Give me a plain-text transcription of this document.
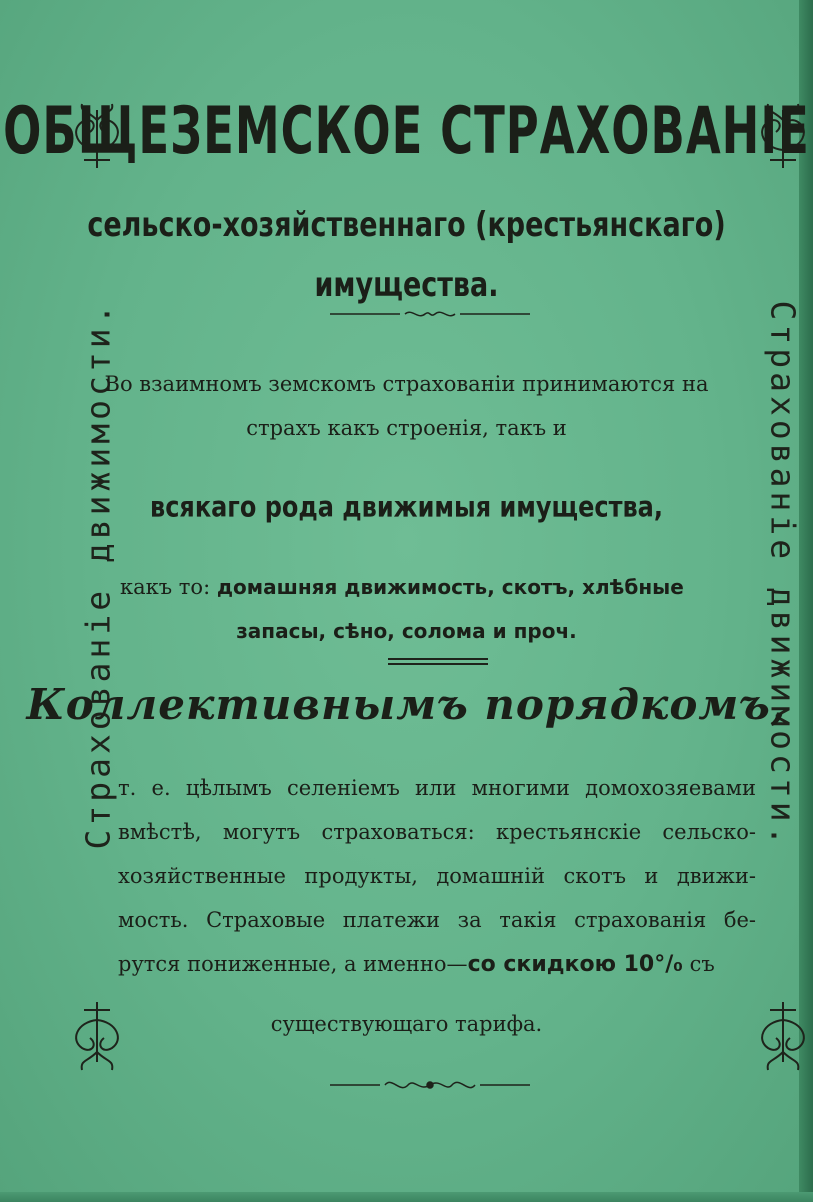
Страхованіе движимости.	Страхованіе движимости.
ОБЩЕЗЕМСКОЕ СТРАХОВАНІЕ
сельско-хозяйственнаго (крестьянскаго)
имущества.
Во взаимномъ земскомъ страхованіи принимаются на
страхъ какъ строенія, такъ и
всякаго рода движимыя имущества,
какъ то: домашняя движимость, скотъ, хлѣбные
запасы, сѣно, солома и проч.
Коллективнымъ порядкомъ,
т. е. цѣлымъ селеніемъ или многими домохозяевами
вмѣстѣ, могутъ страховаться: крестьянскіе сельско-
хозяйственные продукты, домашній скотъ и движи-
мость. Страховые платежи за такія страхованія бе-
рутся пониженные, а именно—со скидкою 10°/₀ съ
существующаго тарифа.
